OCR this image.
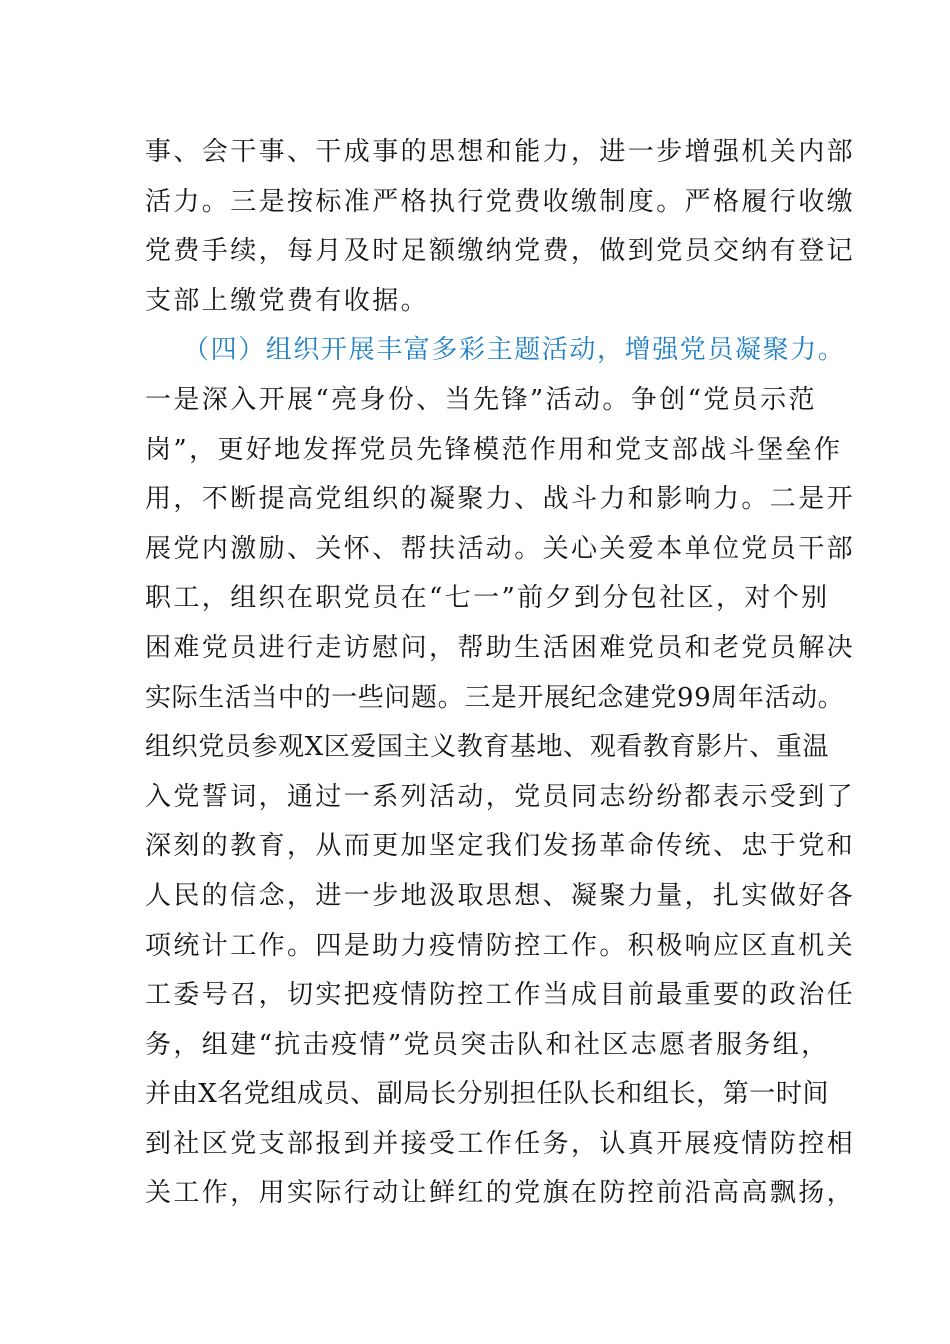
事、会干事、干成事的思想和能力，进一步增强机关内部
活力。三是按标准严格执行党费收缴制度。严格履行收缴
党费手续，每月及时足额缴纳党费，做到党员交纳有登记
支部上缴党费有收据。
（四）组织开展丰富多彩主题活动，增强党员凝聚力。
一是深入开展“亮身份、当先锋”活动。争创“党员示范
岗”，更好地发挥党员先锋模范作用和党支部战斗堡垒作
用，不断提高党组织的凝聚力、战斗力和影响力。二是开
展党内激励、关怀、帮扶活动。关心关爱本单位党员干部
职工，组织在职党员在“七一”前夕到分包社区，对个别
困难党员进行走访慰问，帮助生活困难党员和老党员解决
实际生活当中的一些问题。三是开展纪念建党99周年活动。
组织党员参观X区爱国主义教育基地、观看教育影片、重温
入党誓词，通过一系列活动，党员同志纷纷都表示受到了
深刻的教育，从而更加坚定我们发扬革命传统、忠于党和
人民的信念，进一步地汲取思想、凝聚力量，扎实做好各
项统计工作。四是助力疫情防控工作。积极响应区直机关
工委号召，切实把疫情防控工作当成目前最重要的政治任
务，组建“抗击疫情”党员突击队和社区志愿者服务组，
并由X名党组成员、副局长分别担任队长和组长，第一时间
到社区党支部报到并接受工作任务，认真开展疫情防控相
关工作，用实际行动让鲜红的党旗在防控前沿高高飘扬，
